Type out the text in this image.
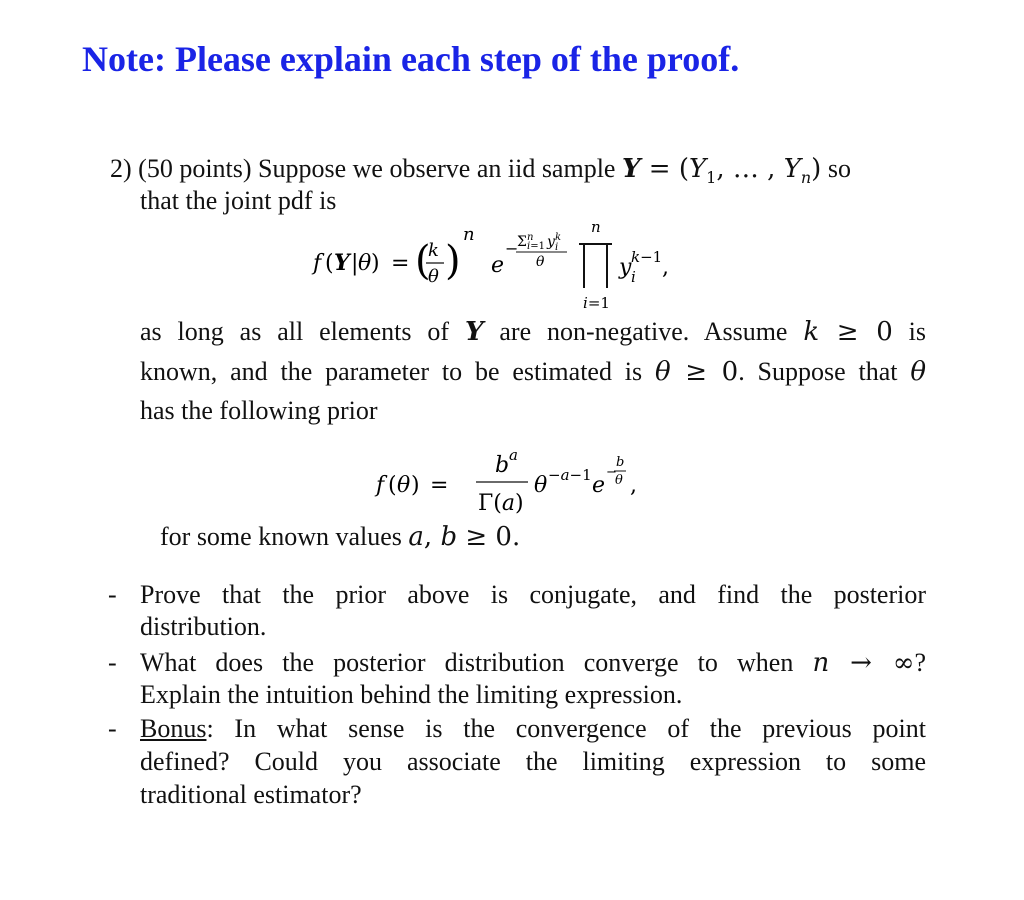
Note: Please explain each step of the proof.
2) (50 points) Suppose we observe an iid sample $Y = (Y_1$, … , $Y_n$) so
that the joint pdf is
f ( Y | θ ) = (
k
θ )
n
e
−
Σ n
i=1 y k
i
θ
n
i=1
y k−1
i ,
as long as all elements of Y are non-negative. Assume k ≥ 0 is
known, and the parameter to be estimated is θ ≥ 0. Suppose that θ
has the following prior
f ( θ ) =
b a
Γ(a)
θ −a−1 e
−
b
θ ,
for some known values a, b ≥ 0.
- Prove that the prior above is conjugate, and find the posterior
distribution.
- What does the posterior distribution converge to when n → ∞?
Explain the intuition behind the limiting expression.
- Bonus: In what sense is the convergence of the previous point
defined? Could you associate the limiting expression to some
traditional estimator?
